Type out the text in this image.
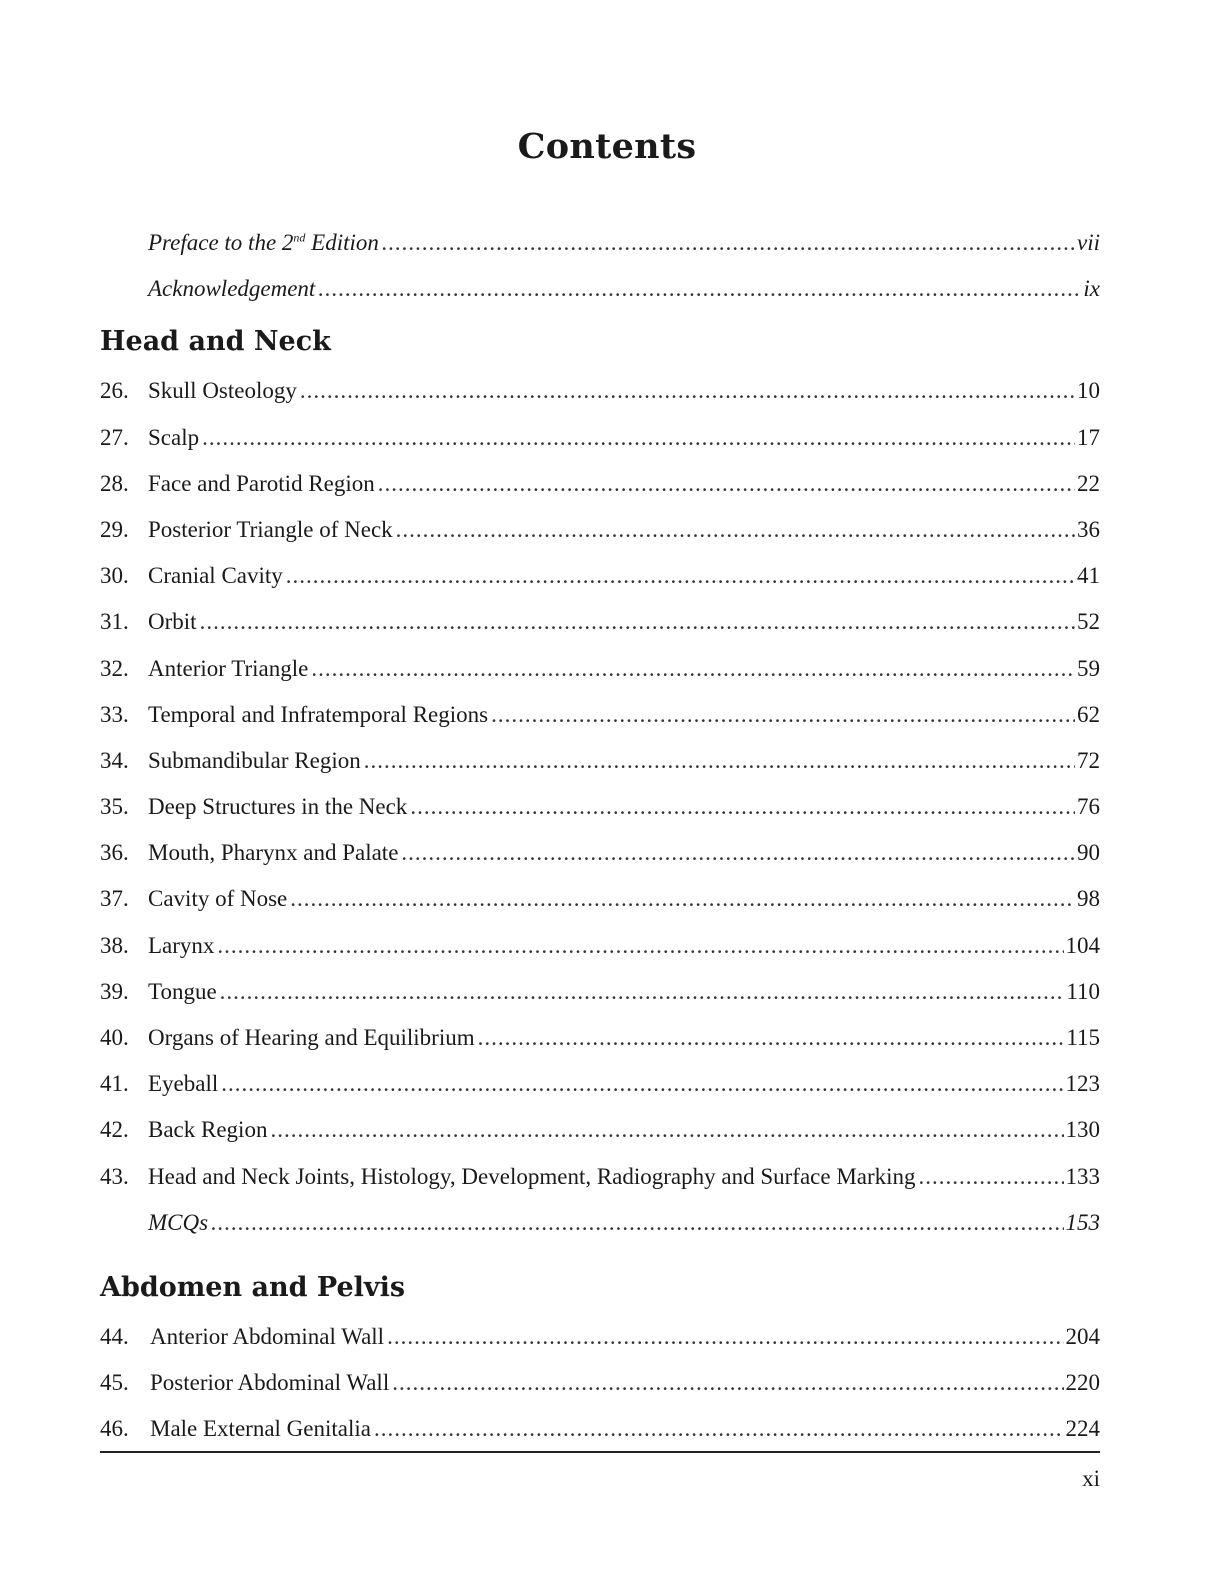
Contents
Preface to the 2nd Edition .....	vii
Acknowledgement .....	ix
Head and Neck
26. Skull Osteology .....	10
27. Scalp .....	17
28. Face and Parotid Region .....	22
29. Posterior Triangle of Neck .....	36
30. Cranial Cavity .....	41
31. Orbit .....	52
32. Anterior Triangle .....	59
33. Temporal and Infratemporal Regions .....	62
34. Submandibular Region .....	72
35. Deep Structures in the Neck .....	76
36. Mouth, Pharynx and Palate .....	90
37. Cavity of Nose .....	98
38. Larynx .....	104
39. Tongue .....	110
40. Organs of Hearing and Equilibrium .....	115
41. Eyeball .....	123
42. Back Region .....	130
43. Head and Neck Joints, Histology, Development, Radiography and Surface Marking .....	133
MCQs .....	153
Abdomen and Pelvis
44. Anterior Abdominal Wall .....	204
45. Posterior Abdominal Wall .....	220
46. Male External Genitalia .....	224
xi
